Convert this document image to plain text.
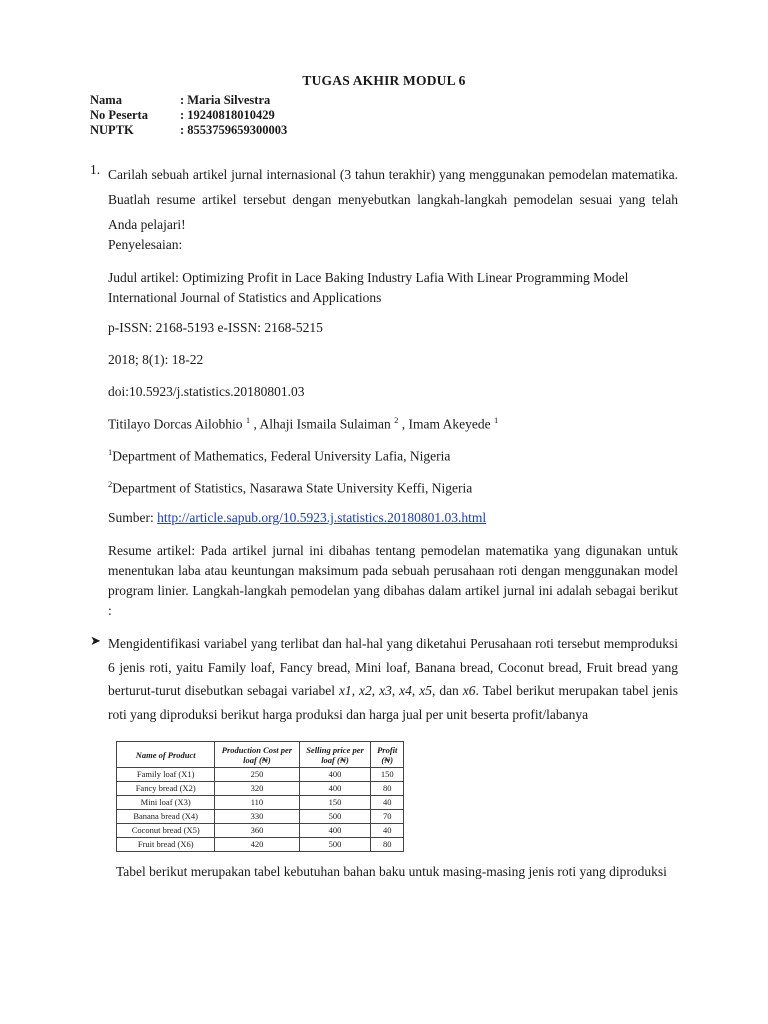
TUGAS AKHIR MODUL 6
Nama	: Maria Silvestra
No Peserta	: 19240818010429
NUPTK	: 8553759659300003
1. Carilah sebuah artikel jurnal internasional (3 tahun terakhir) yang menggunakan pemodelan matematika. Buatlah resume artikel tersebut dengan menyebutkan langkah-langkah pemodelan sesuai yang telah Anda pelajari!
Penyelesaian:
Judul artikel: Optimizing Profit in Lace Baking Industry Lafia With Linear Programming Model International Journal of Statistics and Applications
p-ISSN: 2168-5193 e-ISSN: 2168-5215
2018; 8(1): 18-22
doi:10.5923/j.statistics.20180801.03
Titilayo Dorcas Ailobhio $^1$ , Alhaji Ismaila Sulaiman $^2$ , Imam Akeyede $^1$
$^1$Department of Mathematics, Federal University Lafia, Nigeria
$^2$Department of Statistics, Nasarawa State University Keffi, Nigeria
Sumber: http://article.sapub.org/10.5923.j.statistics.20180801.03.html
Resume artikel: Pada artikel jurnal ini dibahas tentang pemodelan matematika yang digunakan untuk menentukan laba atau keuntungan maksimum pada sebuah perusahaan roti dengan menggunakan model program linier. Langkah-langkah pemodelan yang dibahas dalam artikel jurnal ini adalah sebagai berikut :
➤ Mengidentifikasi variabel yang terlibat dan hal-hal yang diketahui Perusahaan roti tersebut memproduksi 6 jenis roti, yaitu Family loaf, Fancy bread, Mini loaf, Banana bread, Coconut bread, Fruit bread yang berturut-turut disebutkan sebagai variabel x1, x2, x3, x4, x5, dan x6. Tabel berikut merupakan tabel jenis roti yang diproduksi berikut harga produksi dan harga jual per unit beserta profit/labanya
Name of Product	Production Cost per loaf (₦)	Selling price per loaf (₦)	Profit (₦)
Family loaf (X1)	250	400	150
Fancy bread (X2)	320	400	80
Mini loaf (X3)	110	150	40
Banana bread (X4)	330	500	70
Coconut bread (X5)	360	400	40
Fruit bread (X6)	420	500	80
Tabel berikut merupakan tabel kebutuhan bahan baku untuk masing-masing jenis roti yang diproduksi
